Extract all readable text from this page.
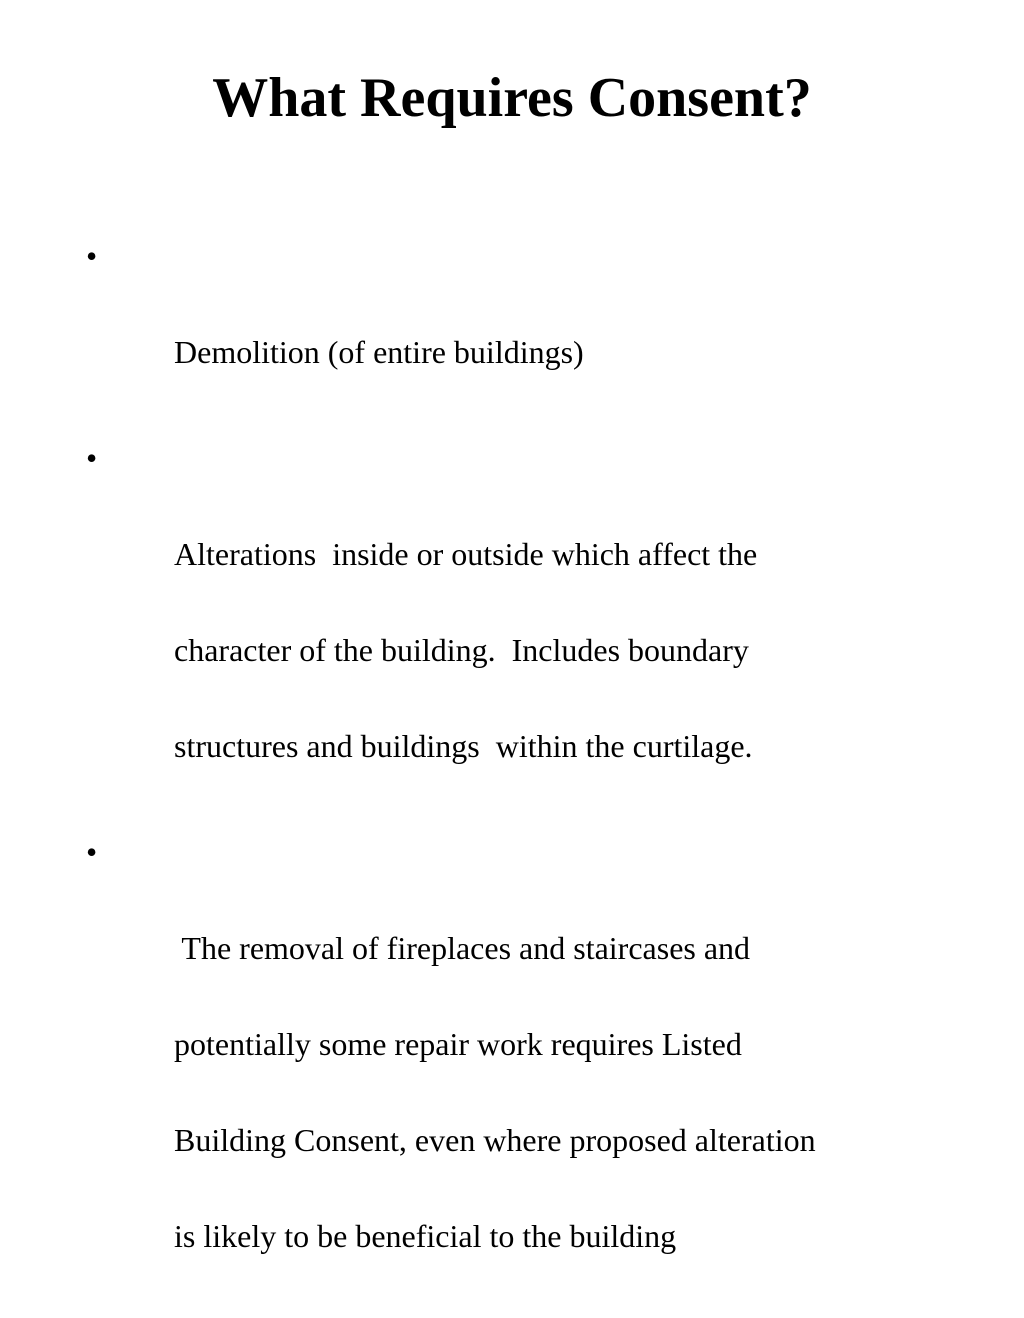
What Requires Consent?

•

Demolition (of entire buildings)

•

Alterations  inside or outside which affect the

character of the building.  Includes boundary

structures and buildings  within the curtilage.

•

The removal of fireplaces and staircases and

potentially some repair work requires Listed

Building Consent, even where proposed alteration

is likely to be beneficial to the building
